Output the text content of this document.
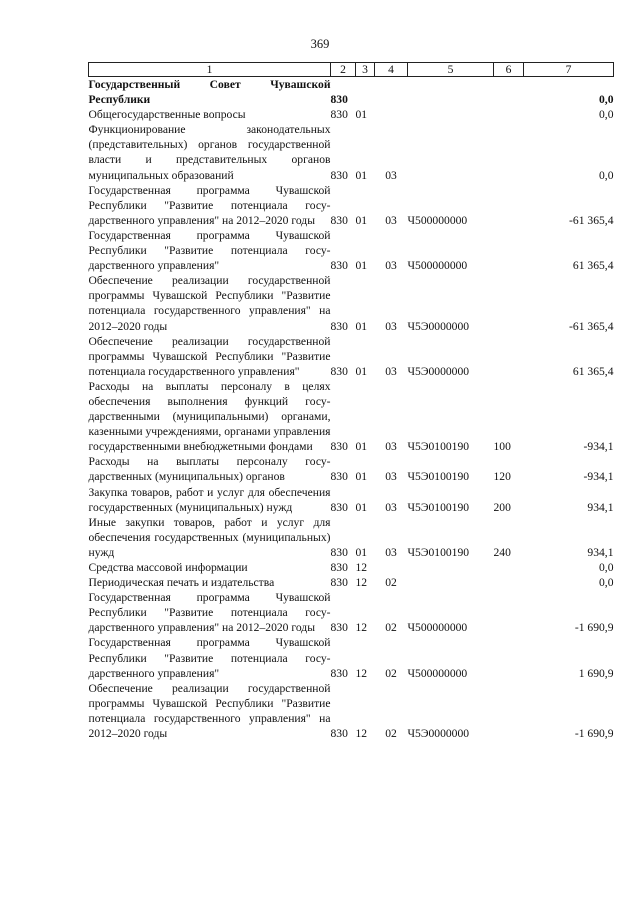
369
1	2	3	4	5	6	7
Государственный Совет Чувашской Республики	830					0,0
Общегосударственные вопросы	830	01				0,0
Функционирование законодательных (представительных) органов государственной власти и представительных органов муниципальных образований	830	01	03			0,0
Государственная программа Чувашской Республики "Развитие потенциала государственного управления" на 2012–2020 годы	830	01	03	Ч500000000		-61 365,4
Государственная программа Чувашской Республики "Развитие потенциала государственного управления"	830	01	03	Ч500000000		61 365,4
Обеспечение реализации государственной программы Чувашской Республики "Развитие потенциала государственного управления" на 2012–2020 годы	830	01	03	Ч5Э0000000		-61 365,4
Обеспечение реализации государственной программы Чувашской Республики "Развитие потенциала государственного управления"	830	01	03	Ч5Э0000000		61 365,4
Расходы на выплаты персоналу в целях обеспечения выполнения функций государственными (муниципальными) органами, казенными учреждениями, органами управления государственными внебюджетными фондами	830	01	03	Ч5Э0100190	100	-934,1
Расходы на выплаты персоналу государственных (муниципальных) органов	830	01	03	Ч5Э0100190	120	-934,1
Закупка товаров, работ и услуг для обеспечения государственных (муниципальных) нужд	830	01	03	Ч5Э0100190	200	934,1
Иные закупки товаров, работ и услуг для обеспечения государственных (муниципальных) нужд	830	01	03	Ч5Э0100190	240	934,1
Средства массовой информации	830	12				0,0
Периодическая печать и издательства	830	12	02			0,0
Государственная программа Чувашской Республики "Развитие потенциала государственного управления" на 2012–2020 годы	830	12	02	Ч500000000		-1 690,9
Государственная программа Чувашской Республики "Развитие потенциала государственного управления"	830	12	02	Ч500000000		1 690,9
Обеспечение реализации государственной программы Чувашской Республики "Развитие потенциала государственного управления" на 2012–2020 годы	830	12	02	Ч5Э0000000		-1 690,9
